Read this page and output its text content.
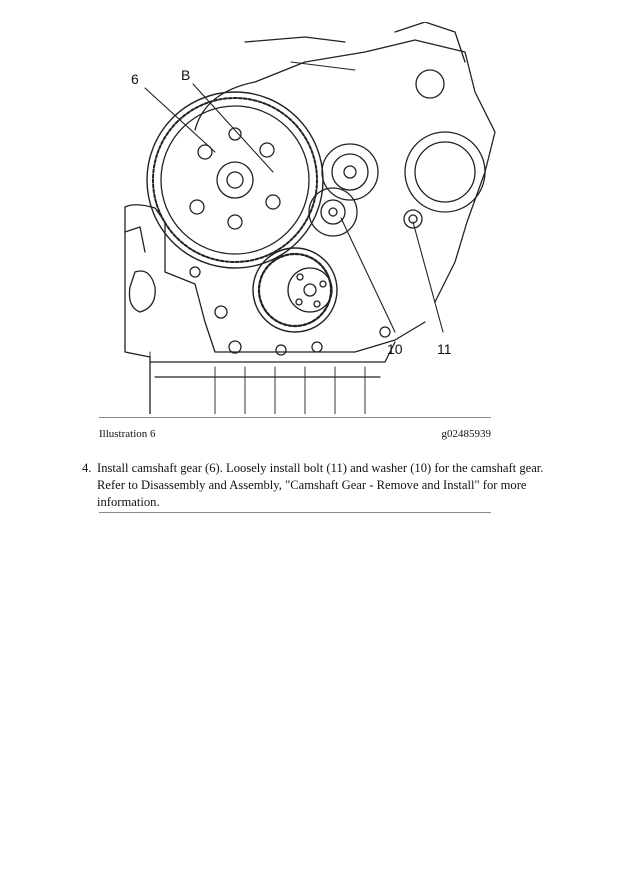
6	B
10 11
Illustration 6	g02485939
4. Install camshaft gear (6). Loosely install bolt (11) and washer (10) for the camshaft gear. Refer to Disassembly and Assembly, "Camshaft Gear - Remove and Install" for more information.
